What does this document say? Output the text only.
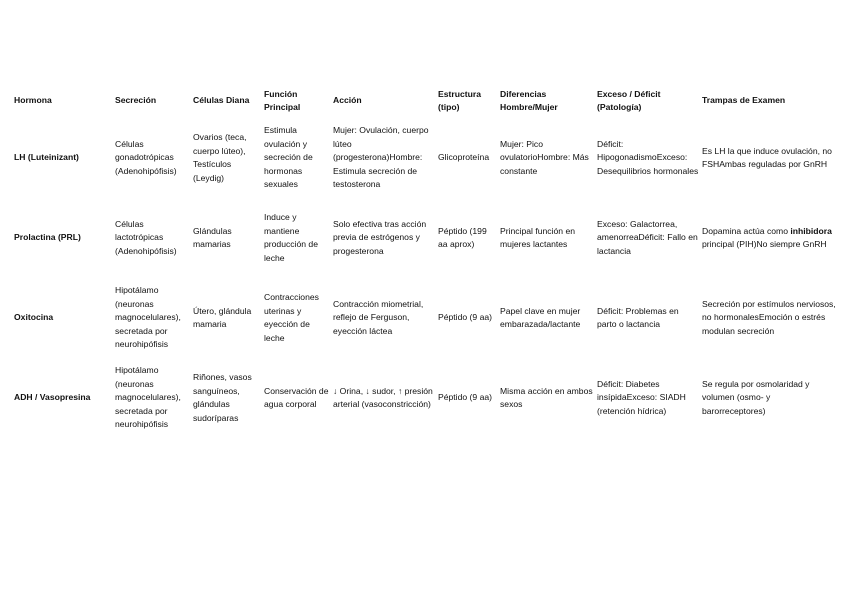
Hormona	Secreción	Células Diana	Función Principal	Acción	Estructura (tipo)	Diferencias Hombre/Mujer	Exceso / Déficit (Patología)	Trampas de Examen
LH (Luteinizant)	Células gonadotrópicas (Adenohipófisis)	Ovarios (teca, cuerpo lúteo), Testículos (Leydig)	Estimula ovulación y secreción de hormonas sexuales	Mujer: Ovulación, cuerpo lúteo (progesterona)Hombre: Estimula secreción de testosterona	Glicoproteína	Mujer: Pico ovulatorioHombre: Más constante	Déficit: HipogonadismoExceso: Desequilibrios hormonales	Es LH la que induce ovulación, no FSHAmbas reguladas por GnRH
Prolactina (PRL)	Células lactotrópicas (Adenohipófisis)	Glándulas mamarias	Induce y mantiene producción de leche	Solo efectiva tras acción previa de estrógenos y progesterona	Péptido (199 aa aprox)	Principal función en mujeres lactantes	Exceso: Galactorrea, amenorreaDéficit: Fallo en lactancia	Dopamina actúa como inhibidora principal (PIH)No siempre GnRH
Oxitocina	Hipotálamo (neuronas magnocelulares), secretada por neurohipófisis	Útero, glándula mamaria	Contracciones uterinas y eyección de leche	Contracción miometrial, reflejo de Ferguson, eyección láctea	Péptido (9 aa)	Papel clave en mujer embarazada/lactante	Déficit: Problemas en parto o lactancia	Secreción por estímulos nerviosos, no hormonalesEmoción o estrés modulan secreción
ADH / Vasopresina	Hipotálamo (neuronas magnocelulares), secretada por neurohipófisis	Riñones, vasos sanguíneos, glándulas sudoríparas	Conservación de agua corporal	↓ Orina, ↓ sudor, ↑ presión arterial (vasoconstricción)	Péptido (9 aa)	Misma acción en ambos sexos	Déficit: Diabetes insípidaExceso: SIADH (retención hídrica)	Se regula por osmolaridad y volumen (osmo- y barorreceptores)
